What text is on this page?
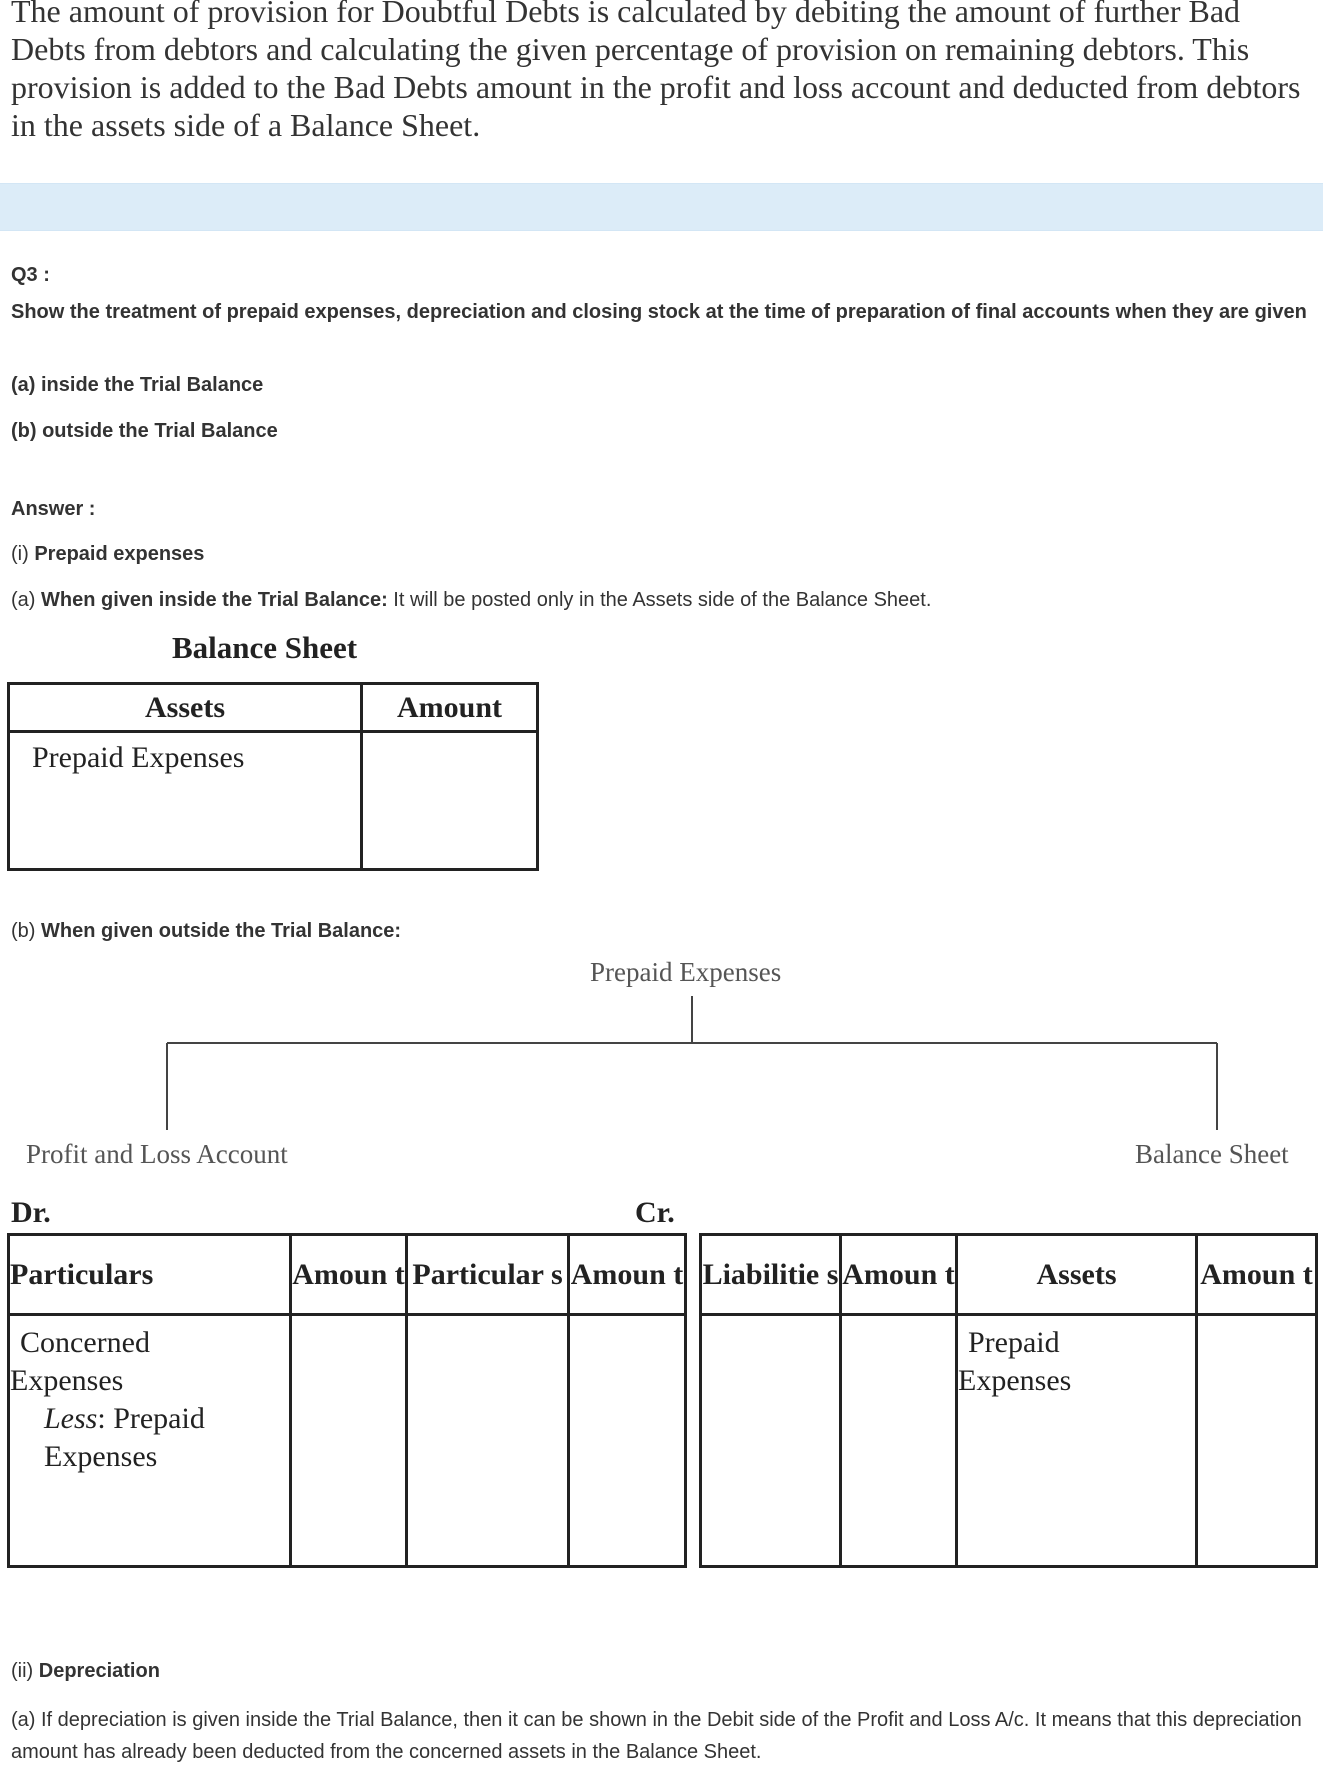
The amount of provision for Doubtful Debts is calculated by debiting the amount of further Bad Debts from debtors and calculating the given percentage of provision on remaining debtors. This provision is added to the Bad Debts amount in the profit and loss account and deducted from debtors in the assets side of a Balance Sheet.

Q3 :
Show the treatment of prepaid expenses, depreciation and closing stock at the time of preparation of final accounts when they are given
(a) inside the Trial Balance
(b) outside the Trial Balance
Answer :
(i) Prepaid expenses
(a) When given inside the Trial Balance: It will be posted only in the Assets side of the Balance Sheet.
Balance Sheet
Assets	Amount
Prepaid Expenses	
(b) When given outside the Trial Balance:
Prepaid Expenses
Profit and Loss Account	Balance Sheet
Dr.	Cr.
Particulars	Amoun t	Particular s	Amoun t

Concerned
Expenses
Less: Prepaid
Expenses			

Liabilitie s	Amoun t	Assets	Amoun t

		Prepaid
Expenses	

(ii) Depreciation
(a) If depreciation is given inside the Trial Balance, then it can be shown in the Debit side of the Profit and Loss A/c. It means that this depreciation amount has already been deducted from the concerned assets in the Balance Sheet.
